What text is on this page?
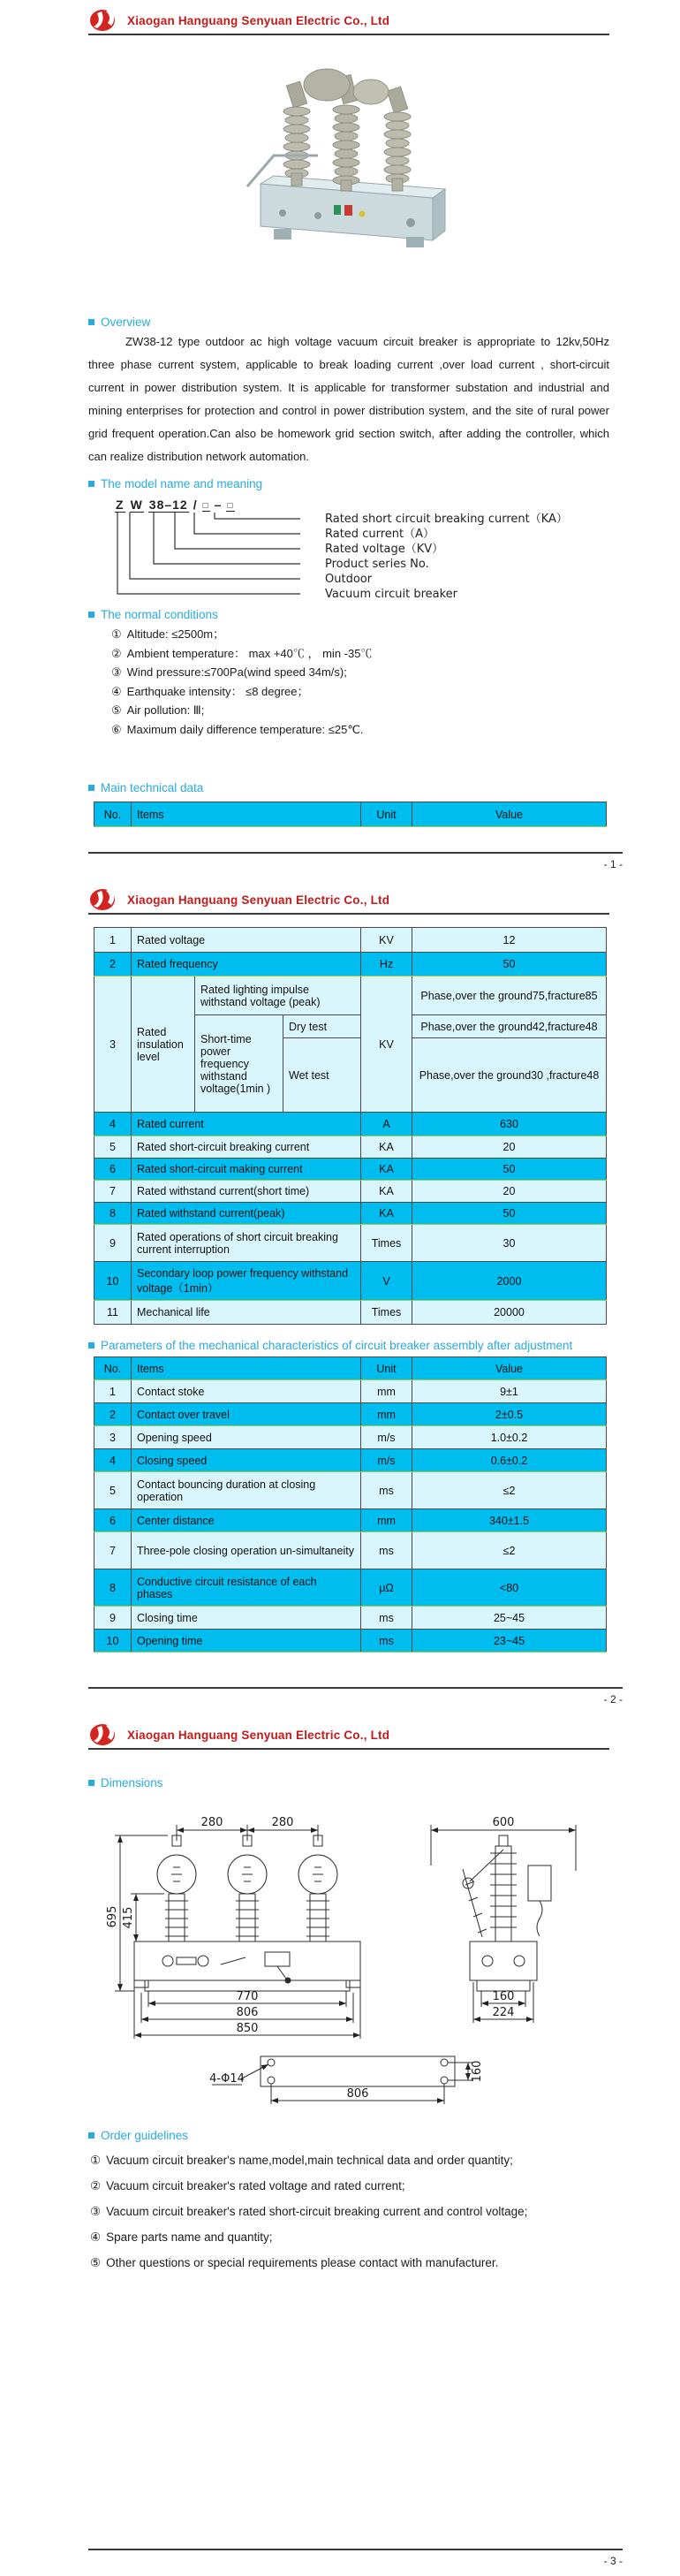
Xiaogan Hanguang Senyuan Electric Co., Ltd
Overview

ZW38-12 type outdoor ac high voltage vacuum circuit breaker is appropriate to 12kv,50Hz three phase current system, applicable to break loading current ,over load current , short-circuit current in power distribution system. It is applicable for transformer substation and industrial and mining enterprises for protection and control in power distribution system, and the site of rural power grid frequent operation.Can also be homework grid section switch, after adding the controller, which can realize distribution network automation.

The model name and meaning
Z W 38–12 / □ – □
Rated short circuit breaking current（KA）
Rated current（A）
Rated voltage（KV）
Product series No.
Outdoor
Vacuum circuit breaker
The normal conditions
① Altitude: ≤2500m；
② Ambient temperature： max +40℃ ， min -35℃
③ Wind pressure:≤700Pa(wind speed 34m/s);
④ Earthquake intensity： ≤8 degree；
⑤ Air pollution: Ⅲ;
⑥ Maximum daily difference temperature: ≤25℃.
Main technical data
No.	Items	Unit	Value
- 1 -
Xiaogan Hanguang Senyuan Electric Co., Ltd
1	Rated voltage			KV	12
2	Rated frequency			Hz	50
3	Rated insulation level	Rated lighting impulse withstand voltage (peak)		KV	Phase,over the ground75,fracture85
		Short-time power frequency withstand voltage(1min )	Dry test		Phase,over the ground42,fracture48
			Wet test		Phase,over the ground30 ,fracture48
4	Rated current			A	630
5	Rated short-circuit breaking current			KA	20
6	Rated short-circuit making current			KA	50
7	Rated withstand current(short time)			KA	20
8	Rated withstand current(peak)			KA	50
9	Rated operations of short circuit breaking current interruption			Times	30
10	Secondary loop power frequency withstand voltage（1min）			V	2000
11	Mechanical life			Times	20000
Parameters of the mechanical characteristics of circuit breaker assembly after adjustment
No.	Items	Unit	Value
1	Contact stoke	mm	9±1
2	Contact over travel	mm	2±0.5
3	Opening speed	m/s	1.0±0.2
4	Closing speed	m/s	0.6±0.2
5	Contact bouncing duration at closing operation	ms	≤2
6	Center distance	mm	340±1.5
7	Three-pole closing operation un-simultaneity	ms	≤2
8	Conductive circuit resistance of each phases	μΩ	<80
9	Closing time	ms	25~45
10	Opening time	ms	23~45
- 2 -
Xiaogan Hanguang Senyuan Electric Co., Ltd
Dimensions
280	280	600
695 415
770
806
850
160
224
4-Φ14	160
806
Order guidelines
① Vacuum circuit breaker's name,model,main technical data and order quantity;
② Vacuum circuit breaker's rated voltage and rated current;
③ Vacuum circuit breaker's rated short-circuit breaking current and control voltage;
④ Spare parts name and quantity;
⑤ Other questions or special requirements please contact with manufacturer.
- 3 -
